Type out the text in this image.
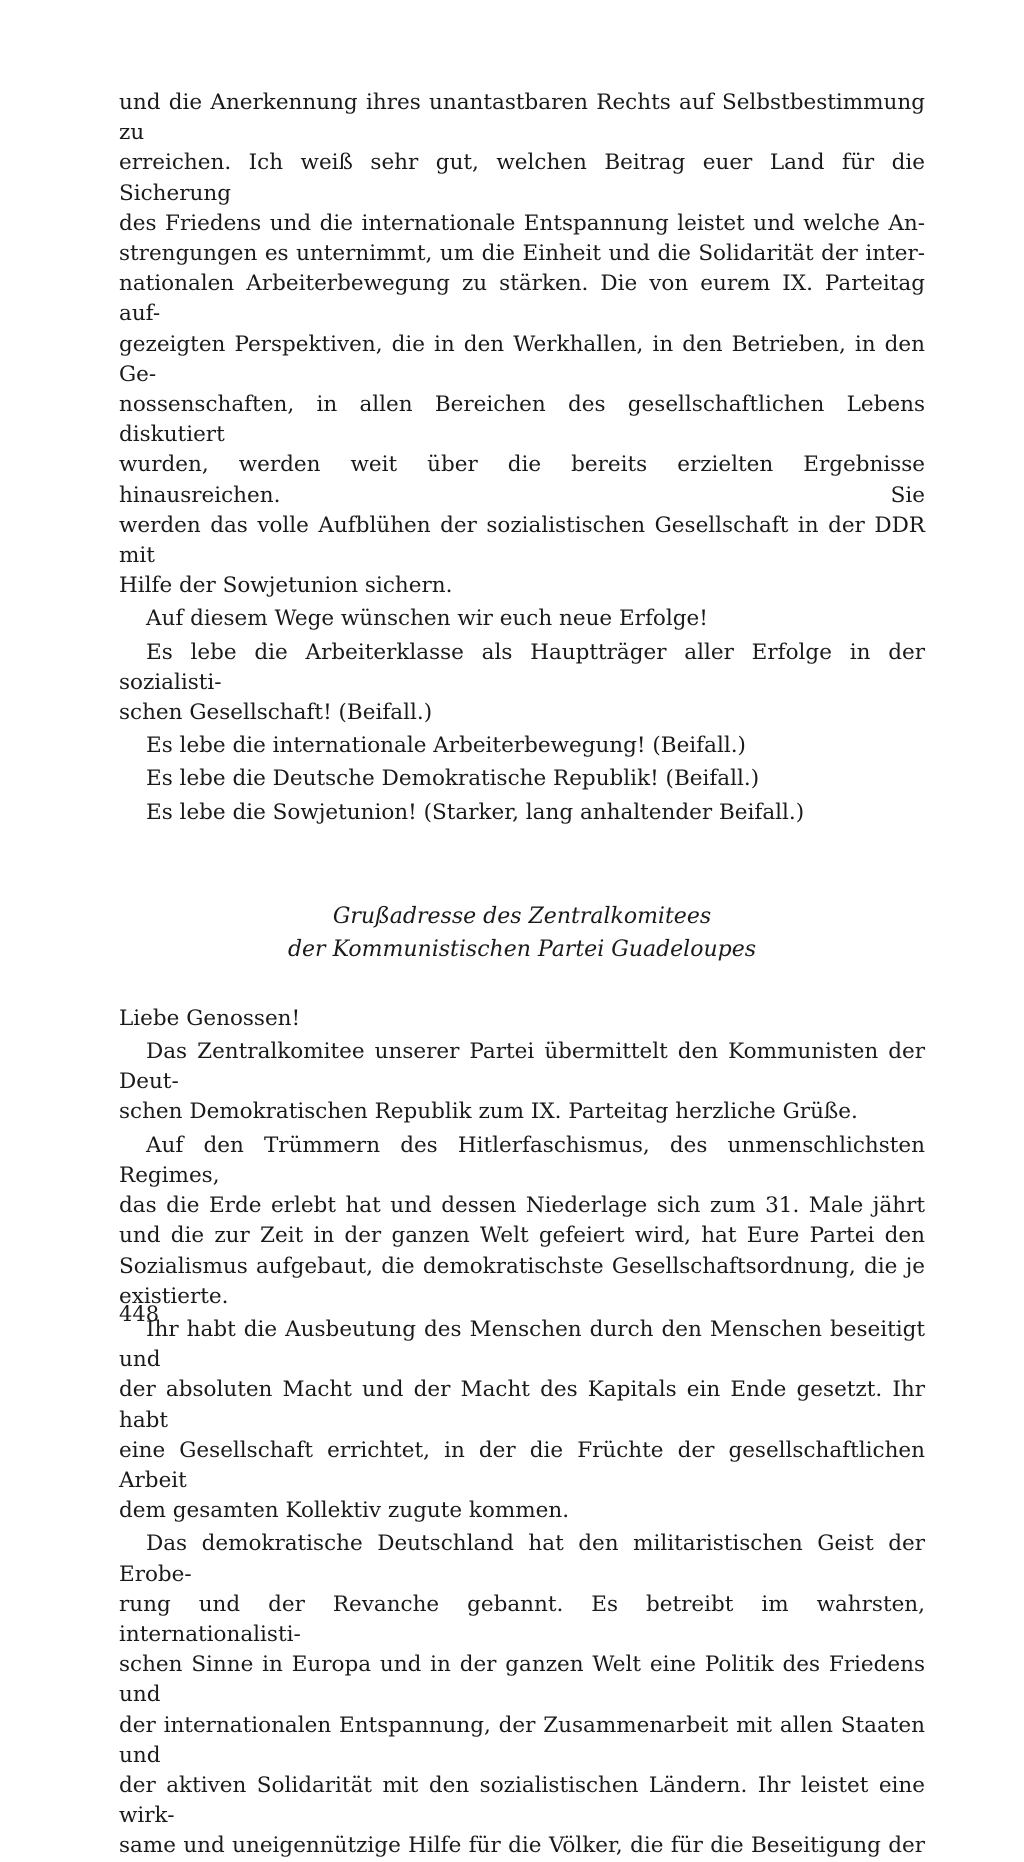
und die Anerkennung ihres unantastbaren Rechts auf Selbstbestimmung zu
erreichen. Ich weiß sehr gut, welchen Beitrag euer Land für die Sicherung
des Friedens und die internationale Entspannung leistet und welche An-
strengungen es unternimmt, um die Einheit und die Solidarität der inter-
nationalen Arbeiterbewegung zu stärken. Die von eurem IX. Parteitag auf-
gezeigten Perspektiven, die in den Werkhallen, in den Betrieben, in den Ge-
nossenschaften, in allen Bereichen des gesellschaftlichen Lebens diskutiert
wurden, werden weit über die bereits erzielten Ergebnisse hinausreichen. Sie
werden das volle Aufblühen der sozialistischen Gesellschaft in der DDR mit
Hilfe der Sowjetunion sichern.

Auf diesem Wege wünschen wir euch neue Erfolge!

Es lebe die Arbeiterklasse als Hauptträger aller Erfolge in der sozialisti-
schen Gesellschaft! (Beifall.)

Es lebe die internationale Arbeiterbewegung! (Beifall.)

Es lebe die Deutsche Demokratische Republik! (Beifall.)

Es lebe die Sowjetunion! (Starker, lang anhaltender Beifall.)

Grußadresse des Zentralkomitees
der Kommunistischen Partei Guadeloupes

Liebe Genossen!

Das Zentralkomitee unserer Partei übermittelt den Kommunisten der Deut-
schen Demokratischen Republik zum IX. Parteitag herzliche Grüße.

Auf den Trümmern des Hitlerfaschismus, des unmenschlichsten Regimes,
das die Erde erlebt hat und dessen Niederlage sich zum 31. Male jährt
und die zur Zeit in der ganzen Welt gefeiert wird, hat Eure Partei den
Sozialismus aufgebaut, die demokratischste Gesellschaftsordnung, die je
existierte.

Ihr habt die Ausbeutung des Menschen durch den Menschen beseitigt und
der absoluten Macht und der Macht des Kapitals ein Ende gesetzt. Ihr habt
eine Gesellschaft errichtet, in der die Früchte der gesellschaftlichen Arbeit
dem gesamten Kollektiv zugute kommen.

Das demokratische Deutschland hat den militaristischen Geist der Erobe-
rung und der Revanche gebannt. Es betreibt im wahrsten, internationalisti-
schen Sinne in Europa und in der ganzen Welt eine Politik des Friedens und
der internationalen Entspannung, der Zusammenarbeit mit allen Staaten und
der aktiven Solidarität mit den sozialistischen Ländern. Ihr leistet eine wirk-
same und uneigennützige Hilfe für die Völker, die für die Beseitigung der

448
